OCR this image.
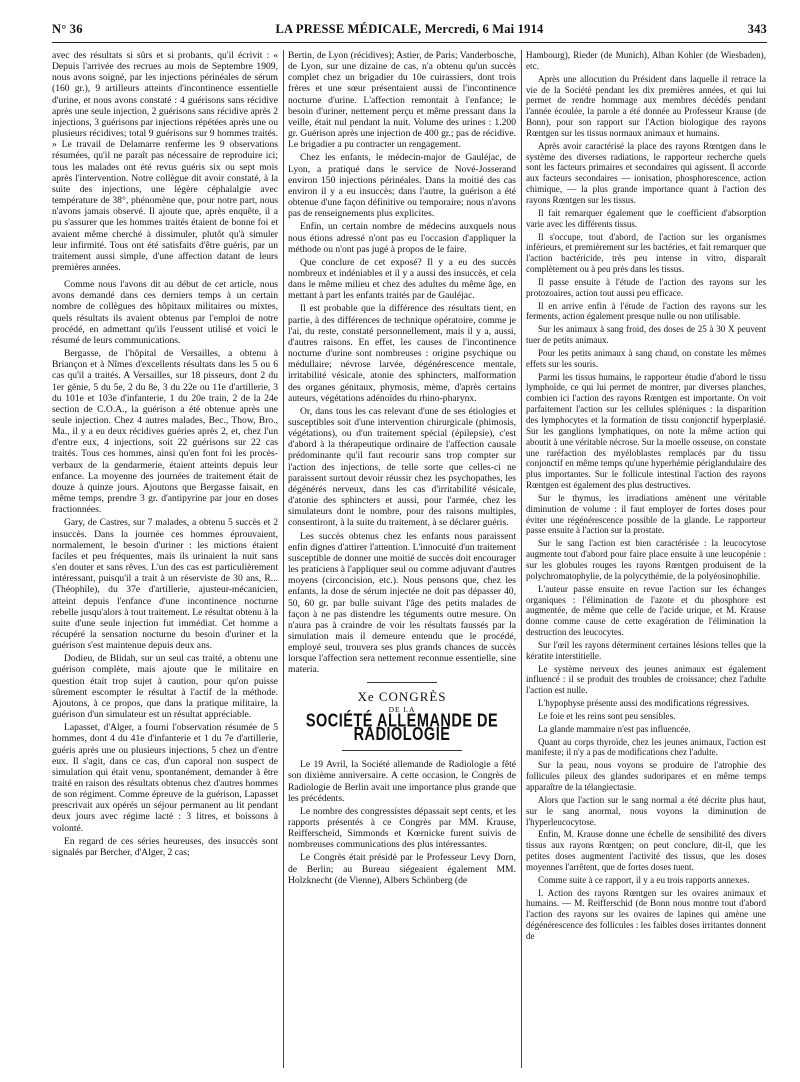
N° 36	LA PRESSE MÉDICALE, Mercredi, 6 Mai 1914	343

avec des résultats si sûrs et si probants, qu'il écrivit : « Depuis l'arrivée des recrues au mois de Septembre 1909, nous avons soigné, par les injections périnéales de sérum (160 gr.), 9 artilleurs atteints d'incontinence essentielle d'urine, et nous avons constaté : 4 guérisons sans récidive après une seule injection, 2 guérisons sans récidive après 2 injections, 3 guérisons par injections répétées après une ou plusieurs récidives; total 9 guérisons sur 9 hommes traités. » Le travail de Delamarre renferme les 9 observations résumées, qu'il ne paraît pas nécessaire de reproduire ici; tous les malades ont été revus guéris six ou sept mois après l'intervention. Notre collègue dit avoir constaté, à la suite des injections, une légère céphalalgie avec température de 38°, phénomène que, pour notre part, nous n'avons jamais observé. Il ajoute que, après enquête, il a pu s'assurer que les hommes traités étaient de bonne foi et avaient même cherché à dissimuler, plutôt qu'à simuler leur infirmité. Tous ont été satisfaits d'être guéris, par un traitement aussi simple, d'une affection datant de leurs premières années.

Comme nous l'avons dit au début de cet article, nous avons demandé dans ces derniers temps à un certain nombre de collègues des hôpitaux militaires ou mixtes, quels résultats ils avaient obtenus par l'emploi de notre procédé, en admettant qu'ils l'eussent utilisé et voici le résumé de leurs communications.

Bergasse, de l'hôpital de Versailles, a obtenu à Briançon et à Nîmes d'excellents résultats dans les 5 ou 6 cas qu'il a traités. A Versailles, sur 18 pisseurs, dont 2 du 1er génie, 5 du 5e, 2 du 8e, 3 du 22e ou 11e d'artillerie, 3 du 101e et 103e d'infanterie, 1 du 20e train, 2 de la 24e section de C.O.A., la guérison a été obtenue après une seule injection. Chez 4 autres malades, Bec., Thow, Bro., Ma., il y a eu deux récidives guéries après 2, et, chez l'un d'entre eux, 4 injections, soit 22 guérisons sur 22 cas traités. Tous ces hommes, ainsi qu'en font foi les procès-verbaux de la gendarmerie, étaient atteints depuis leur enfance. La moyenne des journées de traitement était de douze à quinze jours. Ajoutons que Bergasse faisait, en même temps, prendre 3 gr. d'antipyrine par jour en doses fractionnées.

Gary, de Castres, sur 7 malades, a obtenu 5 succès et 2 insuccès. Dans la journée ces hommes éprouvaient, normalement, le besoin d'uriner : les mictions étaient faciles et peu fréquentes, mais ils urinaient la nuit sans s'en douter et sans rêves. L'un des cas est particulièrement intéressant, puisqu'il a trait à un réserviste de 30 ans, R... (Théophile), du 37e d'artillerie, ajusteur-mécanicien, atteint depuis l'enfance d'une incontinence nocturne rebelle jusqu'alors à tout traitement. Le résultat obtenu à la suite d'une seule injection fut immédiat. Cet homme a récupéré la sensation nocturne du besoin d'uriner et la guérison s'est maintenue depuis deux ans.

Dodieu, de Blidah, sur un seul cas traité, a obtenu une guérison complète, mais ajoute que le militaire en question était trop sujet à caution, pour qu'on puisse sûrement escompter le résultat à l'actif de la méthode. Ajoutons, à ce propos, que dans la pratique militaire, la guérison d'un simulateur est un résultat appréciable.

Lapasset, d'Alger, a fourni l'observation résumée de 5 hommes, dont 4 du 41e d'infanterie et 1 du 7e d'artillerie, guéris après une ou plusieurs injections, 5 chez un d'entre eux. Il s'agit, dans ce cas, d'un caporal non suspect de simulation qui était venu, spontanément, demander à être traité en raison des résultats obtenus chez d'autres hommes de son régiment. Comme épreuve de la guérison, Lapasset prescrivait aux opérés un séjour permanent au lit pendant deux jours avec régime lacté : 3 litres, et boissons à volonté.

En regard de ces séries heureuses, des insuccès sont signalés par Bercher, d'Alger, 2 cas;

Bertin, de Lyon (récidives); Astier, de Paris; Vanderbosche, de Lyon, sur une dizaine de cas, n'a obtenu qu'un succès complet chez un brigadier du 10e cuirassiers, dont trois frères et une sœur présentaient aussi de l'incontinence nocturne d'urine. L'affection remontait à l'enfance; le besoin d'uriner, nettement perçu et même pressant dans la veille, était nul pendant la nuit. Volume des urines : 1.200 gr. Guérison après une injection de 400 gr.; pas de récidive. Le brigadier a pu contracter un rengagement.

Chez les enfants, le médecin-major de Gauléjac, de Lyon, a pratiqué dans le service de Nové-Josserand environ 150 injections périnéales. Dans la moitié des cas environ il y a eu insuccès; dans l'autre, la guérison a été obtenue d'une façon définitive ou temporaire; nous n'avons pas de renseignements plus explicites.

Enfin, un certain nombre de médecins auxquels nous nous étions adressé n'ont pas eu l'occasion d'appliquer la méthode ou n'ont pas jugé à propos de le faire.

Que conclure de cet exposé? Il y a eu des succès nombreux et indéniables et il y a aussi des insuccès, et cela dans le même milieu et chez des adultes du même âge, en mettant à part les enfants traités par de Gauléjac.

Il est probable que la différence des résultats tient, en partie, à des différences de technique opératoire, comme je l'ai, du reste, constaté personnellement, mais il y a, aussi, d'autres raisons. En effet, les causes de l'incontinence nocturne d'urine sont nombreuses : origine psychique ou médullaire; névrose larvée, dégénérescence mentale, irritabilité vésicale, atonie des sphincters, malformation des organes génitaux, phymosis, mème, d'après certains auteurs, végétations adénoïdes du rhino-pharynx.

Or, dans tous les cas relevant d'une de ses étiologies et susceptibles soit d'une intervention chirurgicale (phimosis, végétations), ou d'un traitement spécial (épilepsie), c'est d'abord à la thérapeutique ordinaire de l'affection causale prédominante qu'il faut recourir sans trop compter sur l'action des injections, de telle sorte que celles-ci ne paraissent surtout devoir réussir chez les psychopathes, les dégénérés nerveux, dans les cas d'irritabilité vésicale, d'atonie des sphincters et aussi, pour l'armée, chez les simulateurs dont le nombre, pour des raisons multiples, consentiront, à la suite du traitement, à se déclarer guéris.

Les succès obtenus chez les enfants nous paraissent enfin dignes d'attirer l'attention. L'innocuité d'un traitement susceptible de donner une moitié de succès doit encourager les praticiens à l'appliquer seul ou comme adjuvant d'autres moyens (circoncision, etc.). Nous pensons que, chez les enfants, la dose de sérum injectée ne doit pas dépasser 40, 50, 60 gr. par bulle suivant l'âge des petits malades de façon à ne pas distendre les téguments outre mesure. On n'aura pas à craindre de voir les résultats faussés par la simulation mais il demeure entendu que le procédé, employé seul, trouvera ses plus grands chances de succès lorsque l'affection sera nettement reconnue essentielle, sine materia.

Xe CONGRÈS
DE LA
SOCIÉTÉ ALLEMANDE DE RADIOLOGIE

Le 19 Avril, la Société allemande de Radiologie a fêté son dixième anniversaire. A cette occasion, le Congrès de Radiologie de Berlin avait une importance plus grande que les précédents.

Le nombre des congressistes dépassait sept cents, et les rapports présentés à ce Congrès par MM. Krause, Reifferscheid, Simmonds et Kœrnicke furent suivis de nombreuses communications des plus intéressantes.

Le Congrès était présidé par le Professeur Levy Dorn, de Berlin; au Bureau siégeaient également MM. Holzknecht (de Vienne), Albers Schönberg (de

Hambourg), Rieder (de Munich), Alban Kohler (de Wiesbaden), etc.

Après une allocution du Président dans laquelle il retrace la vie de la Société pendant les dix premières années, et qui lui permet de rendre hommage aux membres décédés pendant l'année écoulée, la parole a été donnée au Professeur Krause (de Bonn), pour son rapport sur l'Action biologique des rayons Rœntgen sur les tissus normaux animaux et humains.

Après avoir caractérisé la place des rayons Rœntgen dans le système des diverses radiations, le rapporteur recherche quels sont les facteurs primaires et secondaires qui agissent. Il accorde aux facteurs secondaires — ionisation, phosphorescence, action chimique, — la plus grande importance quant à l'action des rayons Rœntgen sur les tissus.

Il fait remarquer également que le coefficient d'absorption varie avec les différents tissus.

Il s'occupe, tout d'abord, de l'action sur les organismes inférieurs, et premièrement sur les bactéries, et fait remarquer que l'action bactéricide, très peu intense in vitro, disparaît complètement ou à peu près dans les tissus.

Il passe ensuite à l'étude de l'action des rayons sur les protozoaires, action tout aussi peu efficace.

Il en arrive enfin à l'étude de l'action des rayons sur les ferments, action également presque nulle ou non utilisable.

Sur les animaux à sang froid, des doses de 25 à 30 X peuvent tuer de petits animaux.

Pour les petits animaux à sang chaud, on constate les mêmes effets sur les souris.

Parmi les tissus humains, le rapporteur étudie d'abord le tissu lymphoïde, ce qui lui permet de montrer, par diverses planches, combien ici l'action des rayons Rœntgen est importante. On voit parfaitement l'action sur les cellules spléniques : la disparition des lymphocytes et la formation de tissu conjonctif hyperplasié. Sur les ganglions lymphatiques, on note la même action qui aboutit à une véritable nécrose. Sur la moelle osseuse, on constate une raréfaction des myéloblastes remplacés par du tissu conjonctif en même temps qu'une hyperhémie périglandulaire des plus importantes. Sur le follicule intestinal l'action des rayons Rœntgen est également des plus destructives.

Sur le thymus, les irradiations amènent une véritable diminution de volume : il faut employer de fortes doses pour éviter une régénérescence possible de la glande. Le rapporteur passe ensuite à l'action sur la prostate.

Sur le sang l'action est bien caractérisée : la leucocytose augmente tout d'abord pour faire place ensuite à une leucopénie : sur les globules rouges les rayons Rœntgen produisent de la polychromatophylie, de la polycythémie, de la polyéosinophilie.

L'auteur passe ensuite en revue l'action sur les échanges organiques : l'élimination de l'azote et du phosphore est augmentée, de même que celle de l'acide urique, et M. Krause donne comme cause de cette exagération de l'élimination la destruction des leucocytes.

Sur l'œil les rayons déterminent certaines lésions telles que la kératite interstitielle.

Le système nerveux des jeunes animaux est également influencé : il se produit des troubles de croissance; chez l'adulte l'action est nulle.

L'hypophyse présente aussi des modifications régressives.

Le foie et les reins sont peu sensibles.

La glande mammaire n'est pas influencée.

Quant au corps thyroïde, chez les jeunes animaux, l'action est manifeste; il n'y a pas de modifications chez l'adulte.

Sur la peau, nous voyons se produire de l'atrophie des follicules pileux des glandes sudoripares et en même temps apparaître de la télangiectasie.

Alors que l'action sur le sang normal a été décrite plus haut, sur le sang anormal, nous voyons la diminution de l'hyperleucocytose.

Enfin, M. Krause donne une échelle de sensibilité des divers tissus aux rayons Rœntgen; on peut conclure, dit-il, que les petites doses augmentent l'activité des tissus, que les doses moyennes l'arrêtent, que de fortes doses tuent.

Comme suite à ce rapport, il y a eu trois rapports annexes.

I. Action des rayons Rœntgen sur les ovaires animaux et humains. — M. Reifferschid (de Bonn nous montre tout d'abord l'action des rayons sur les ovaires de lapines qui amène une dégénérescence des follicules : les faibles doses irritantes donnent de
